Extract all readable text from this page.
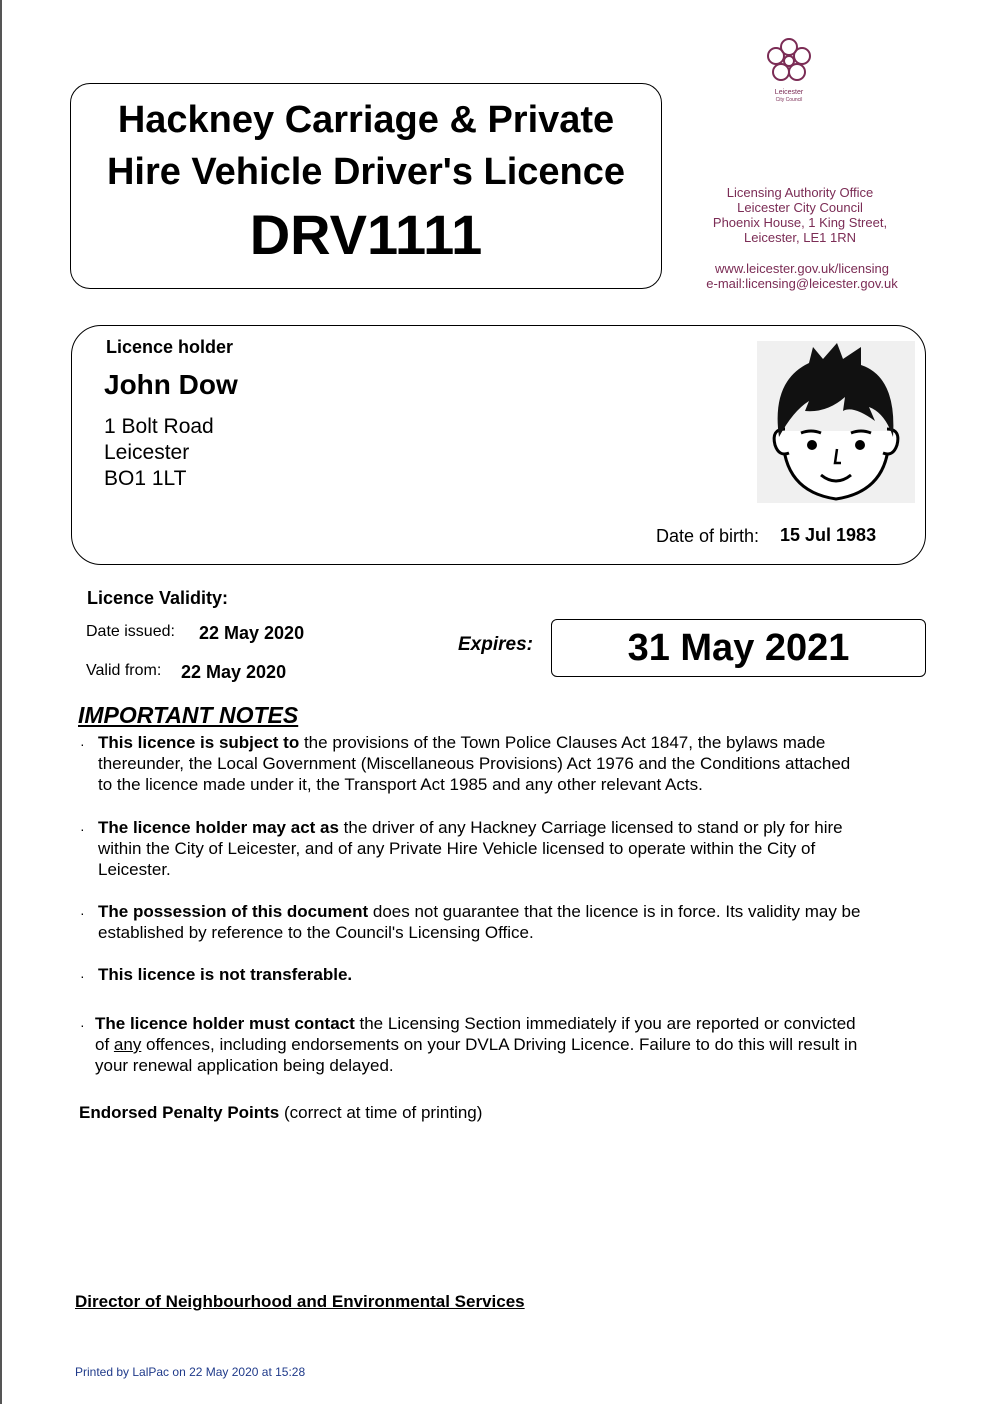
Hackney Carriage & Private
Hire Vehicle Driver's Licence
DRV1111
Leicester
City Council
Licensing Authority Office
Leicester City Council
Phoenix House, 1 King Street,
Leicester, LE1 1RN
www.leicester.gov.uk/licensing
e-mail:licensing@leicester.gov.uk
Licence holder
John Dow
1 Bolt Road
Leicester
BO1 1LT
Date of birth: 15 Jul 1983
Licence Validity:
Date issued: 22 May 2020
Valid from: 22 May 2020
Expires:	31 May 2021
IMPORTANT NOTES
· This licence is subject to the provisions of the Town Police Clauses Act 1847, the bylaws made
thereunder, the Local Government (Miscellaneous Provisions) Act 1976 and the Conditions attached
to the licence made under it, the Transport Act 1985 and any other relevant Acts.
· The licence holder may act as the driver of any Hackney Carriage licensed to stand or ply for hire
within the City of Leicester, and of any Private Hire Vehicle licensed to operate within the City of
Leicester.
· The possession of this document does not guarantee that the licence is in force. Its validity may be
established by reference to the Council's Licensing Office.
· This licence is not transferable.
· The licence holder must contact the Licensing Section immediately if you are reported or convicted
of any offences, including endorsements on your DVLA Driving Licence. Failure to do this will result in
your renewal application being delayed.
Endorsed Penalty Points (correct at time of printing)
Director of Neighbourhood and Environmental Services
Printed by LalPac on 22 May 2020 at 15:28
